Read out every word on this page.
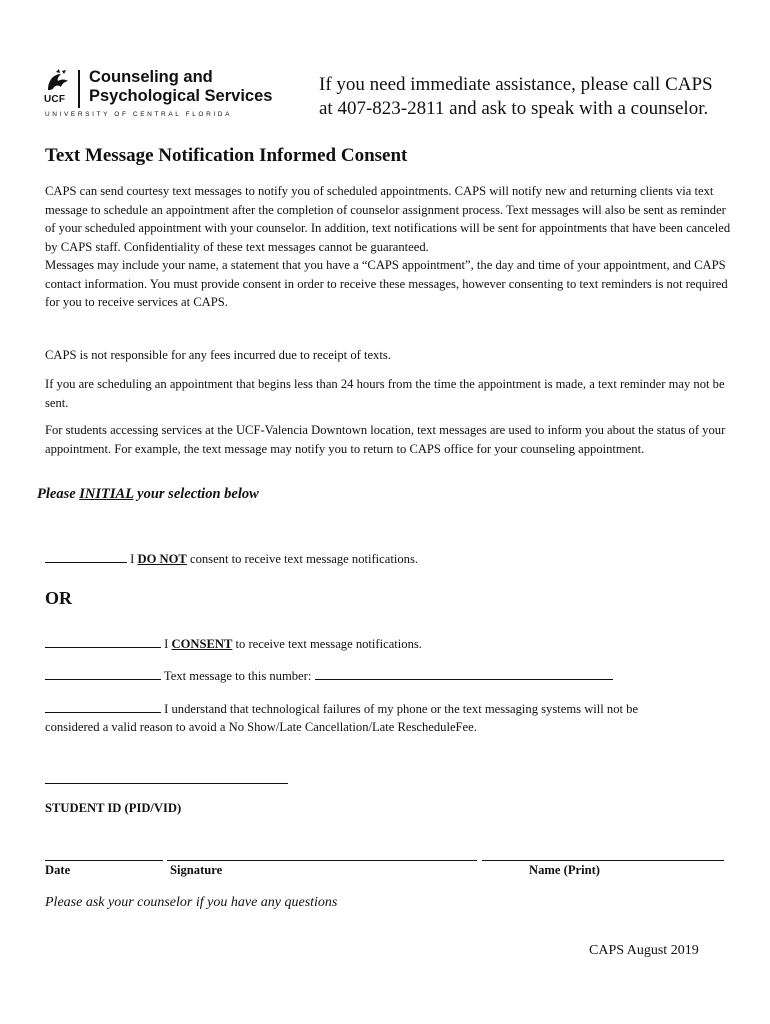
UCF
Counseling and
Psychological Services
UNIVERSITY OF CENTRAL FLORIDA
If you need immediate assistance, please call CAPS
at 407-823-2811 and ask to speak with a counselor.
Text Message Notification Informed Consent

CAPS can send courtesy text messages to notify you of scheduled appointments. CAPS will notify new and returning clients via text message to schedule an appointment after the completion of counselor assignment process. Text messages will also be sent as reminder of your scheduled appointment with your counselor. In addition, text notifications will be sent for appointments that have been canceled by CAPS staff. Confidentiality of these text messages cannot be guaranteed.

Messages may include your name, a statement that you have a “CAPS appointment”, the day and time of your appointment, and CAPS contact information. You must provide consent in order to receive these messages, however consenting to text reminders is not required for you to receive services at CAPS.

CAPS is not responsible for any fees incurred due to receipt of texts.
If you are scheduling an appointment that begins less than 24 hours from the time the appointment is made, a text reminder may not be sent.
For students accessing services at the UCF-Valencia Downtown location, text messages are used to inform you about the status of your appointment. For example, the text message may notify you to return to CAPS office for your counseling appointment.
Please INITIAL your selection below
I DO NOT consent to receive text message notifications.
OR
I CONSENT to receive text message notifications.
Text message to this number:
I understand that technological failures of my phone or the text messaging systems will not be
considered a valid reason to avoid a No Show/Late Cancellation/Late RescheduleFee.
STUDENT ID (PID/VID)
Date	Signature	Name (Print)
Please ask your counselor if you have any questions
CAPS August 2019
